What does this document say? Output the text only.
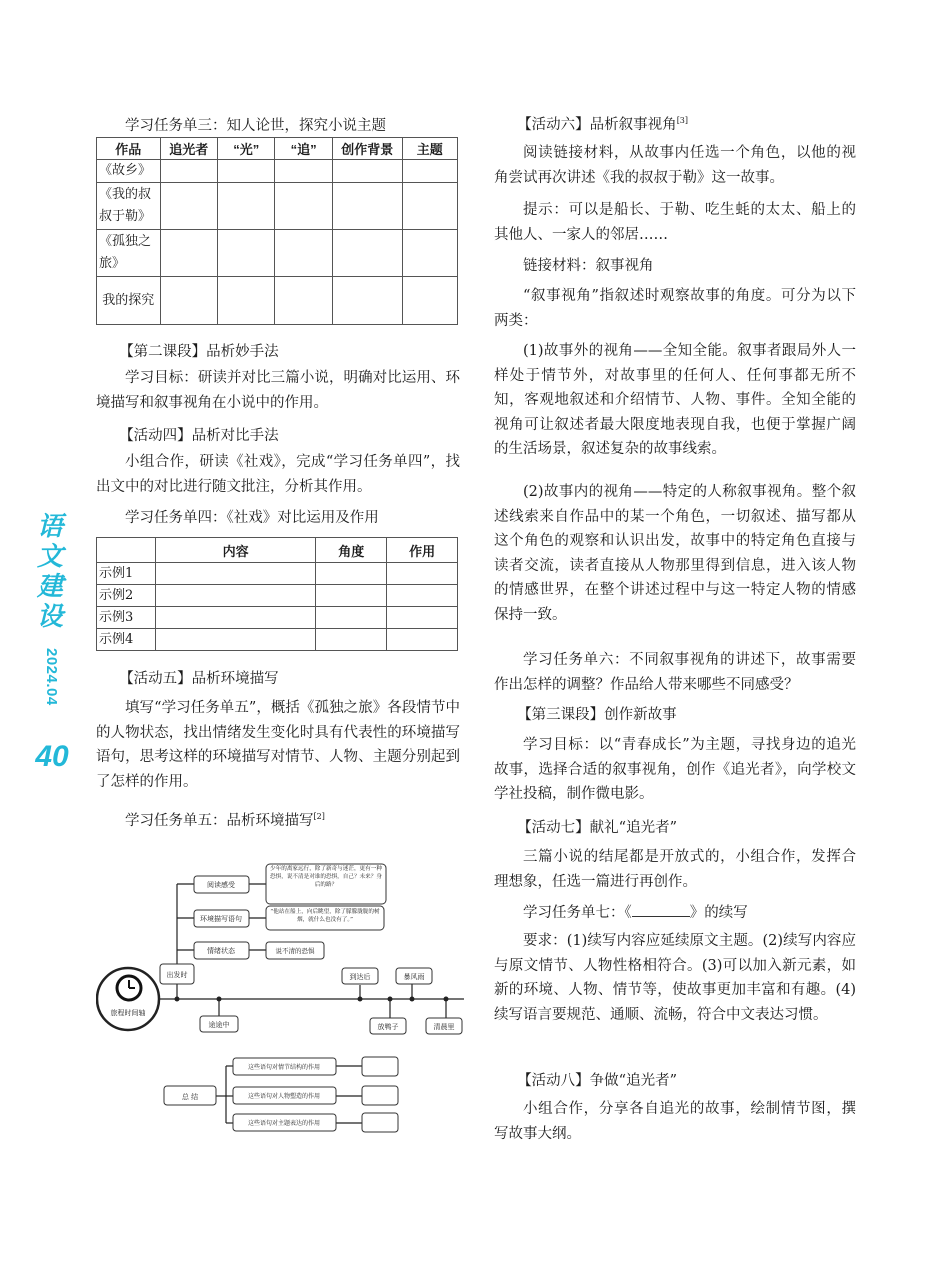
语
文
建
设
2024.04
40
学习任务单三：知人论世，探究小说主题
作品	追光者	“光”	“追”	创作背景	主题
《故乡》					
《我的叔叔于勒》					
《孤独之旅》					
我的探究					
【第二课段】品析妙手法

学习目标：研读并对比三篇小说，明确对比运用、环境描写和叙事视角在小说中的作用。

【活动四】品析对比手法

小组合作，研读《社戏》，完成“学习任务单四”，找出文中的对比进行随文批注，分析其作用。

学习任务单四：《社戏》对比运用及作用
	内容	角度	作用
示例1			
示例2			
示例3			
示例4			
【活动五】品析环境描写

填写“学习任务单五”，概括《孤独之旅》各段情节中的人物状态，找出情绪发生变化时具有代表性的环境描写语句，思考这样的环境描写对情节、人物、主题分别起到了怎样的作用。

学习任务单五：品析环境描写[2]
旅程时间轴
阅读感受
环境描写语句
情绪状态
少年的离家远行，除了新奇与迷茫，更有一种恐惧，说不清是对谁的恐惧，自己？未来？身后的路？
“他站在船上，向后眺望，除了朦朦胧胧的树烟，就什么也没有了。”
说不清的恐惧
出发时
途途中
到达后	暴风雨
放鸭子	清晨里
总 结
这些语句对情节结构的作用
这些语句对人物塑造的作用
这些语句对主题表达的作用
【活动六】品析叙事视角[3]

阅读链接材料，从故事内任选一个角色，以他的视角尝试再次讲述《我的叔叔于勒》这一故事。

提示：可以是船长、于勒、吃生蚝的太太、船上的其他人、一家人的邻居……

链接材料：叙事视角

“叙事视角”指叙述时观察故事的角度。可分为以下两类：

(1)故事外的视角——全知全能。叙事者跟局外人一样处于情节外，对故事里的任何人、任何事都无所不知，客观地叙述和介绍情节、人物、事件。全知全能的视角可让叙述者最大限度地表现自我，也便于掌握广阔的生活场景，叙述复杂的故事线索。

(2)故事内的视角——特定的人称叙事视角。整个叙述线索来自作品中的某一个角色，一切叙述、描写都从这个角色的观察和认识出发，故事中的特定角色直接与读者交流，读者直接从人物那里得到信息，进入该人物的情感世界，在整个讲述过程中与这一特定人物的情感保持一致。

学习任务单六：不同叙事视角的讲述下，故事需要作出怎样的调整？作品给人带来哪些不同感受？

【第三课段】创作新故事

学习目标：以“青春成长”为主题，寻找身边的追光故事，选择合适的叙事视角，创作《追光者》，向学校文学社投稿，制作微电影。

【活动七】献礼“追光者”

三篇小说的结尾都是开放式的，小组合作，发挥合理想象，任选一篇进行再创作。

学习任务单七：《	》的续写

要求：(1)续写内容应延续原文主题。(2)续写内容应与原文情节、人物性格相符合。(3)可以加入新元素，如新的环境、人物、情节等，使故事更加丰富和有趣。(4)续写语言要规范、通顺、流畅，符合中文表达习惯。

【活动八】争做“追光者”

小组合作，分享各自追光的故事，绘制情节图，撰写故事大纲。
